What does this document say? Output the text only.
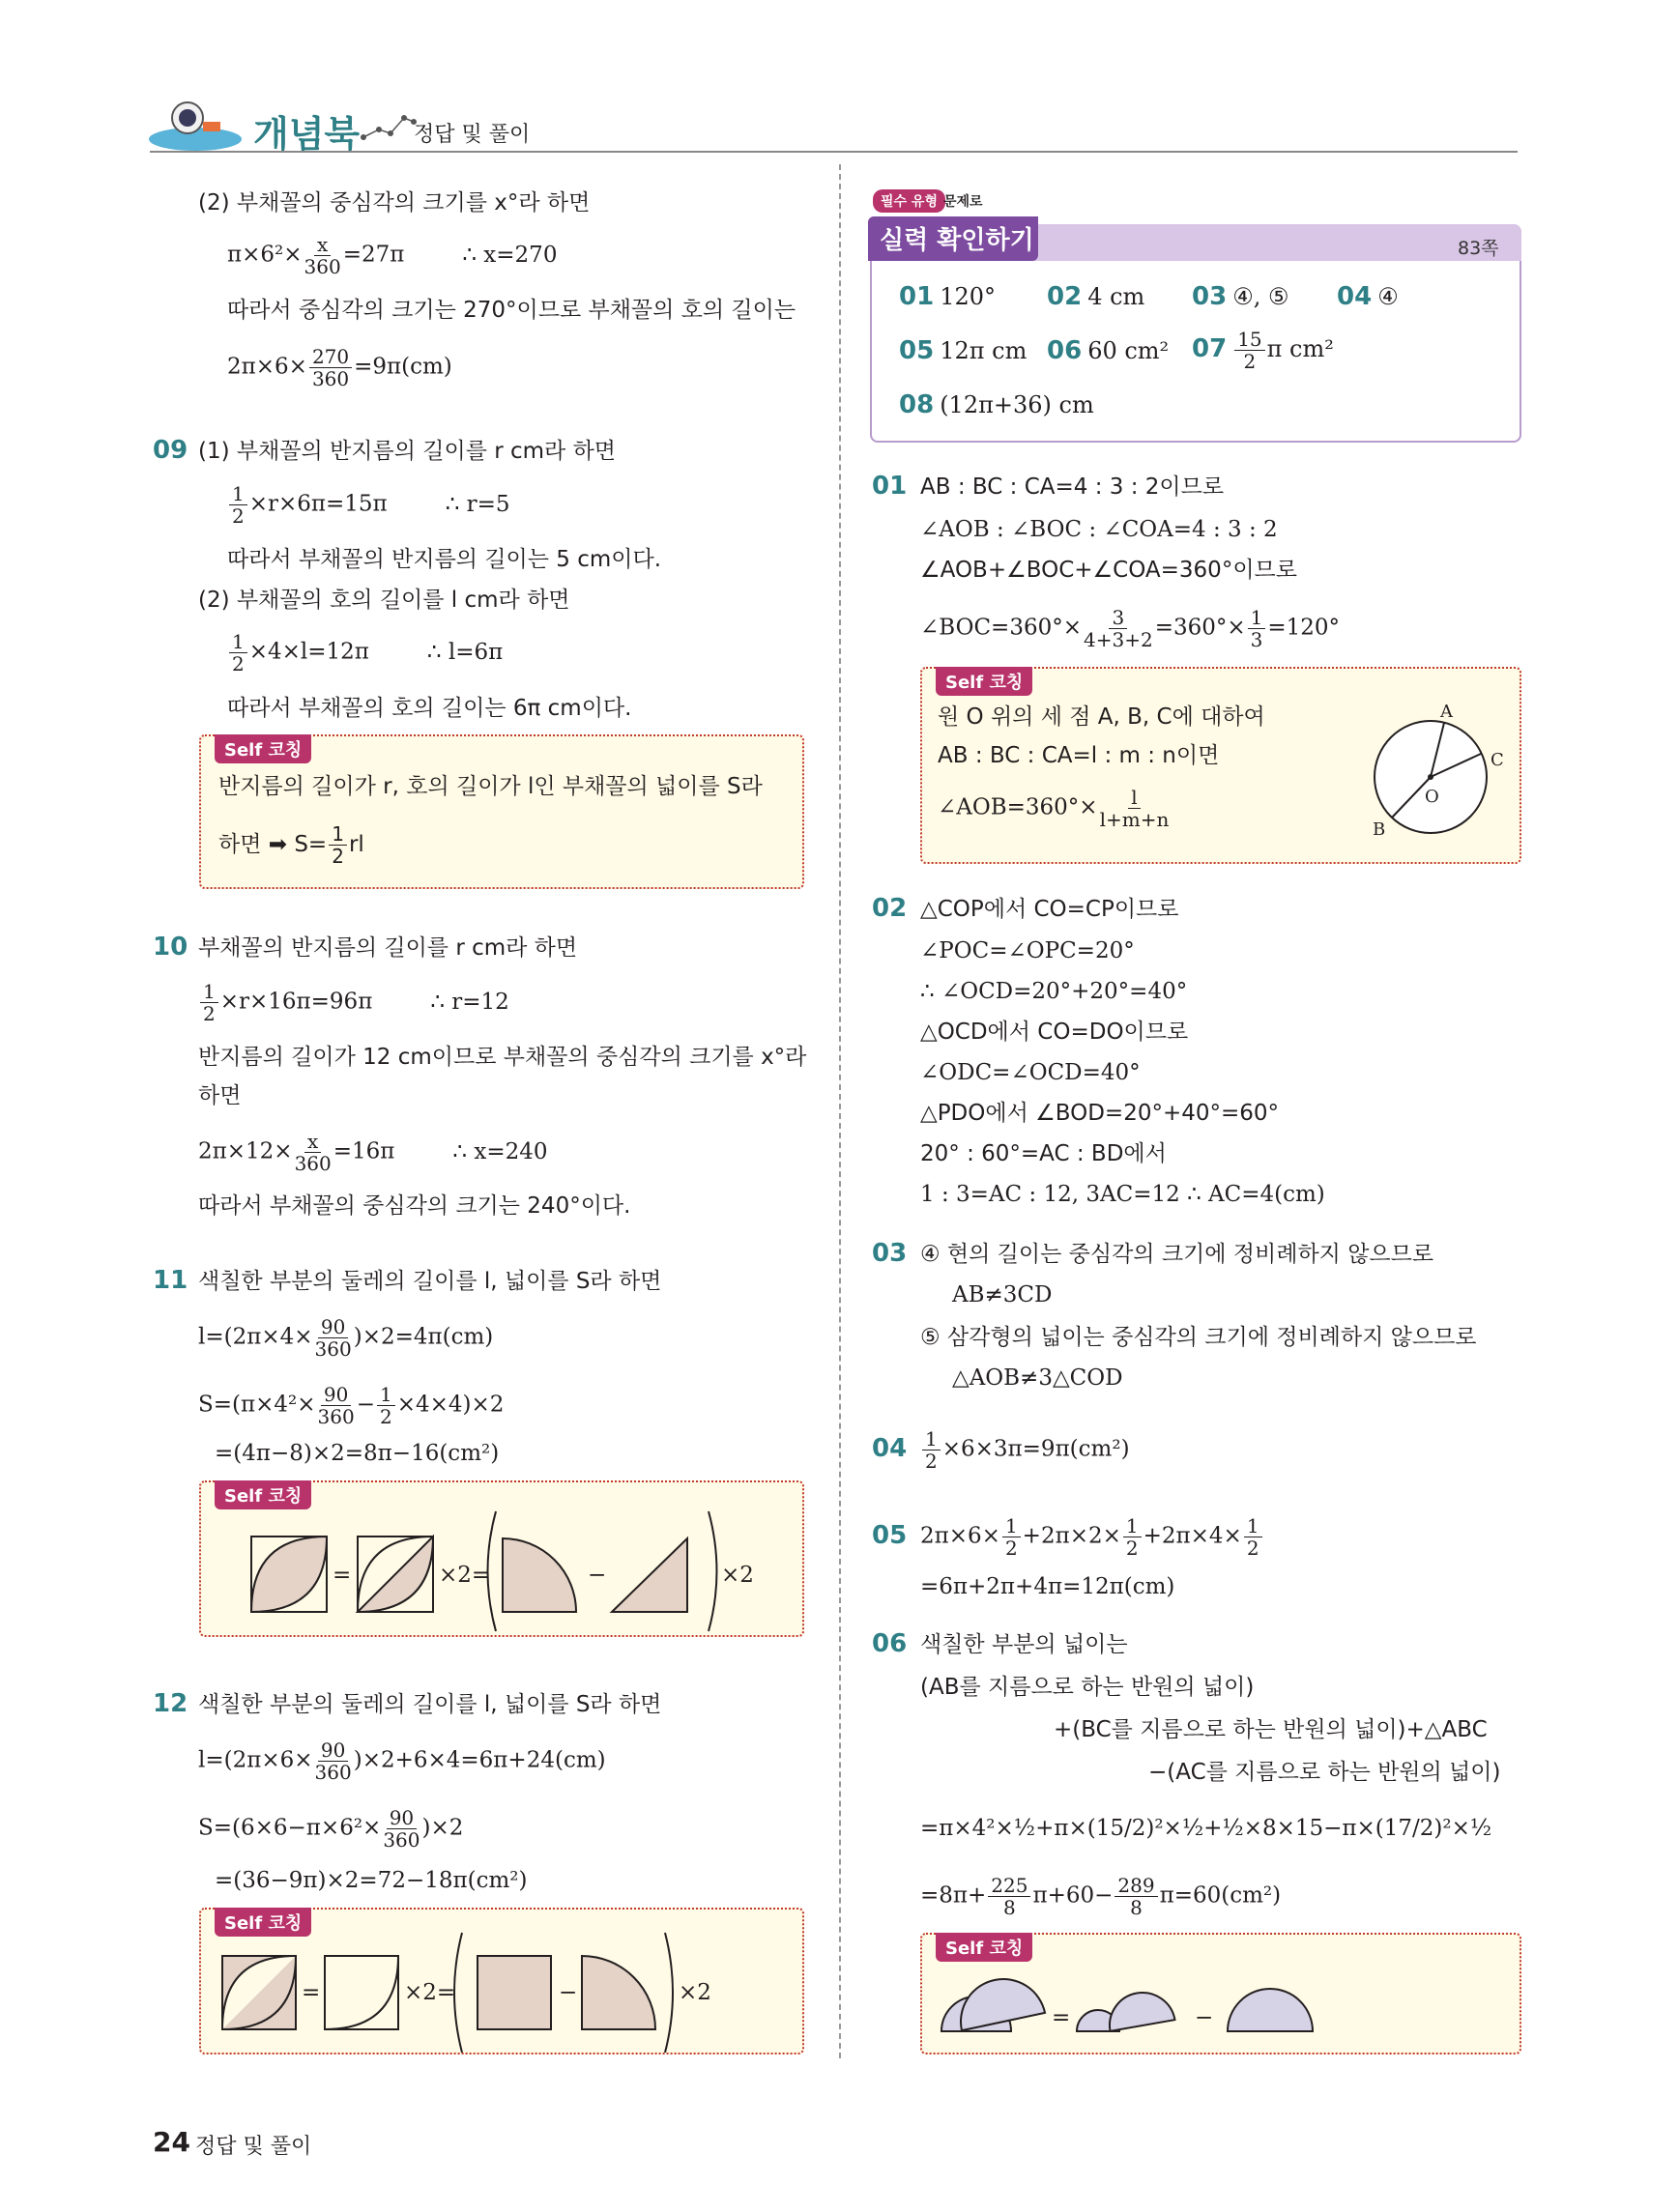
개념북	정답 및 풀이
(2) 부채꼴의 중심각의 크기를 x°라 하면
$\pi\times 6^2\times \frac{x}{360} =27\pi$	∴ x=270
따라서 중심각의 크기는 270°이므로 부채꼴의 호의 길이는
$2\pi\times 6\times \frac{270}{360} =9\pi(cm)$
09 (1) 부채꼴의 반지름의 길이를 r cm라 하면
$\frac{1}{2} \times r\times 6\pi=15\pi$	∴ r=5
따라서 부채꼴의 반지름의 길이는 5 cm이다.
(2) 부채꼴의 호의 길이를 l cm라 하면
$\frac{1}{2} \times 4\times l=12\pi$	∴ l=6π
따라서 부채꼴의 호의 길이는 6π cm이다.
Self 코칭
반지름의 길이가 r, 호의 길이가 l인 부채꼴의 넓이를 S라
하면 ➡ $S= \frac{1}{2}$ rl
10 부채꼴의 반지름의 길이를 r cm라 하면
$\frac{1}{2} \times r\times 16\pi=96\pi$	∴ r=12
반지름의 길이가 12 cm이므로 부채꼴의 중심각의 크기를 x°라
하면
$2\pi\times 12\times \frac{x}{360} =16\pi$	∴ x=240
따라서 부채꼴의 중심각의 크기는 240°이다.
11 색칠한 부분의 둘레의 길이를 l, 넓이를 S라 하면
$l=(2\pi\times 4\times \frac{90}{360} )\times 2=4\pi(cm)$
$S=(\pi\times 4^2\times \frac{90}{360} - \frac{1}{2} \times 4\times 4)\times 2$
=(4π−8)×2=8π−16(cm²)
Self 코칭
=	×2=	−	×2
12 색칠한 부분의 둘레의 길이를 l, 넓이를 S라 하면
$l=(2\pi\times 6\times \frac{90}{360} )\times 2+6\times 4=6\pi+24(cm)$
$S=(6\times 6-\pi\times 6^2\times \frac{90}{360} )\times 2$
=(36−9π)×2=72−18π(cm²)
Self 코칭
=	×2=	−	×2
24 정답 및 풀이
필수 유형 문제로
실력 확인하기	83쪽
01 120° 02 4 cm 03 ④, ⑤ 04 ④
05 12π cm 06 60 cm² $07 \frac{15}{2}$ π cm²
08 (12π+36) cm
01 AB : BC : CA=4 : 3 : 2이므로
∠AOB : ∠BOC : ∠COA=4 : 3 : 2
∠AOB+∠BOC+∠COA=360°이므로
∠BOC=360°× $\frac{3}{4+3+2} =360^\circ\times \frac{1}{3} =120^\circ$
Self 코칭
원 O 위의 세 점 A, B, C에 대하여
AB : BC : CA=l : m : n이면
∠AOB=360°× $\frac{l}{l+m+n}$
A
C
O
B
02 △COP에서 CO=CP이므로
∠POC=∠OPC=20°
∴ ∠OCD=20°+20°=40°
△OCD에서 CO=DO이므로
∠ODC=∠OCD=40°
△PDO에서 ∠BOD=20°+40°=60°
20° : 60°=AC : BD에서
1 : 3=AC : 12, 3AC=12 ∴ AC=4(cm)
03 ④ 현의 길이는 중심각의 크기에 정비례하지 않으므로
AB≠3CD
⑤ 삼각형의 넓이는 중심각의 크기에 정비례하지 않으므로
△AOB≠3△COD
$04 \frac{1}{2} \times 6\times 3\pi=9\pi(cm^2)$
05 $2\pi\times 6\times \frac{1}{2} +2\pi\times 2\times \frac{1}{2} +2\pi\times 4\times \frac{1}{2}$
=6π+2π+4π=12π(cm)
06 색칠한 부분의 넓이는
(AB를 지름으로 하는 반원의 넓이)
+(BC를 지름으로 하는 반원의 넓이)+△ABC
−(AC를 지름으로 하는 반원의 넓이)
=π×4²×½+π×(15/2)²×½+½×8×15−π×(17/2)²×½
$=8\pi+ \frac{225}{8} \pi+60- \frac{289}{8} \pi=60(cm^2)$
Self 코칭
=	−
